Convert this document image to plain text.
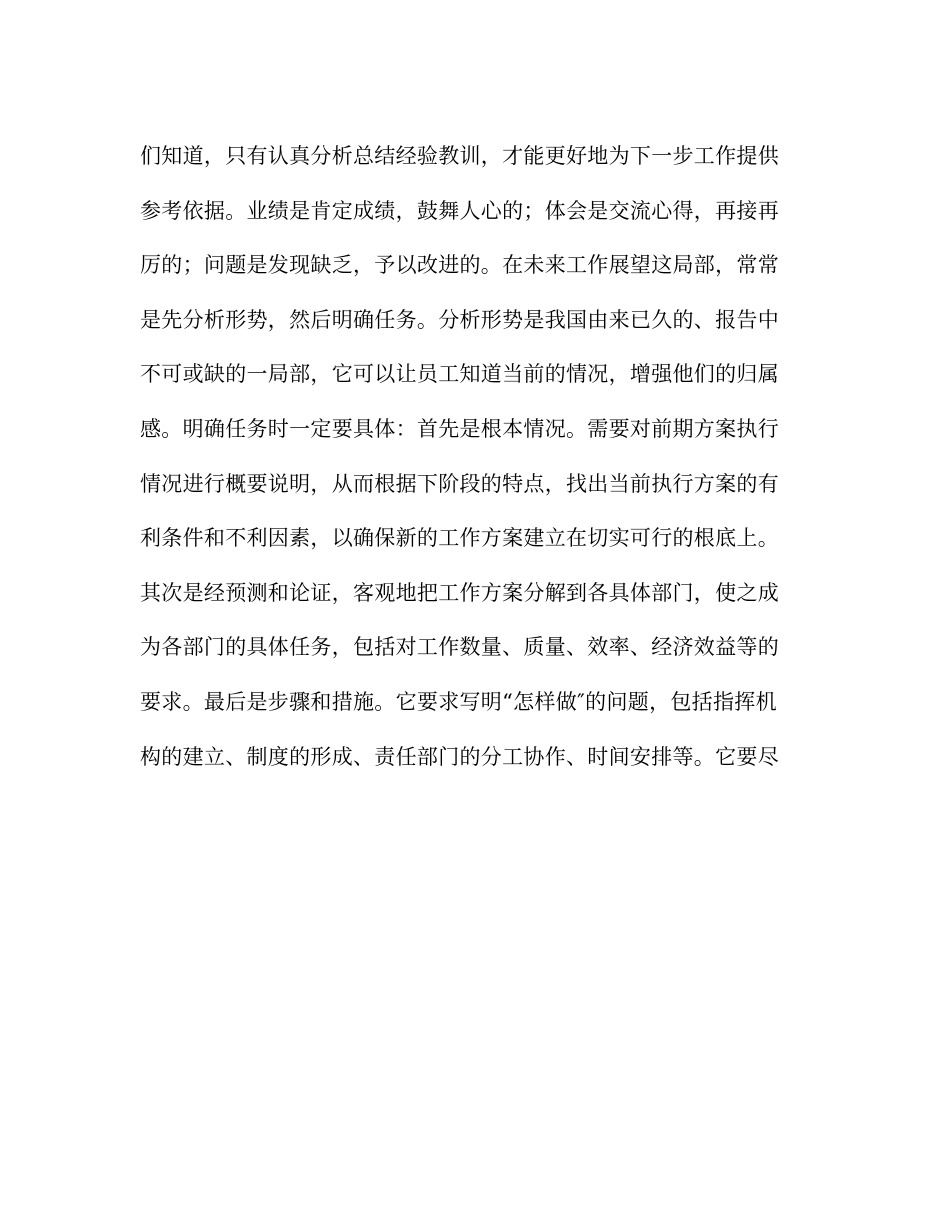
们知道，只有认真分析总结经验教训，才能更好地为下一步工作提供
参考依据。业绩是肯定成绩，鼓舞人心的；体会是交流心得，再接再
厉的；问题是发现缺乏，予以改进的。在未来工作展望这局部，常常
是先分析形势，然后明确任务。分析形势是我国由来已久的、报告中
不可或缺的一局部，它可以让员工知道当前的情况，增强他们的归属
感。明确任务时一定要具体：首先是根本情况。需要对前期方案执行
情况进行概要说明，从而根据下阶段的特点，找出当前执行方案的有
利条件和不利因素，以确保新的工作方案建立在切实可行的根底上。
其次是经预测和论证，客观地把工作方案分解到各具体部门，使之成
为各部门的具体任务，包括对工作数量、质量、效率、经济效益等的
要求。最后是步骤和措施。它要求写明“怎样做″的问题，包括指挥机
构的建立、制度的形成、责任部门的分工协作、时间安排等。它要尽
